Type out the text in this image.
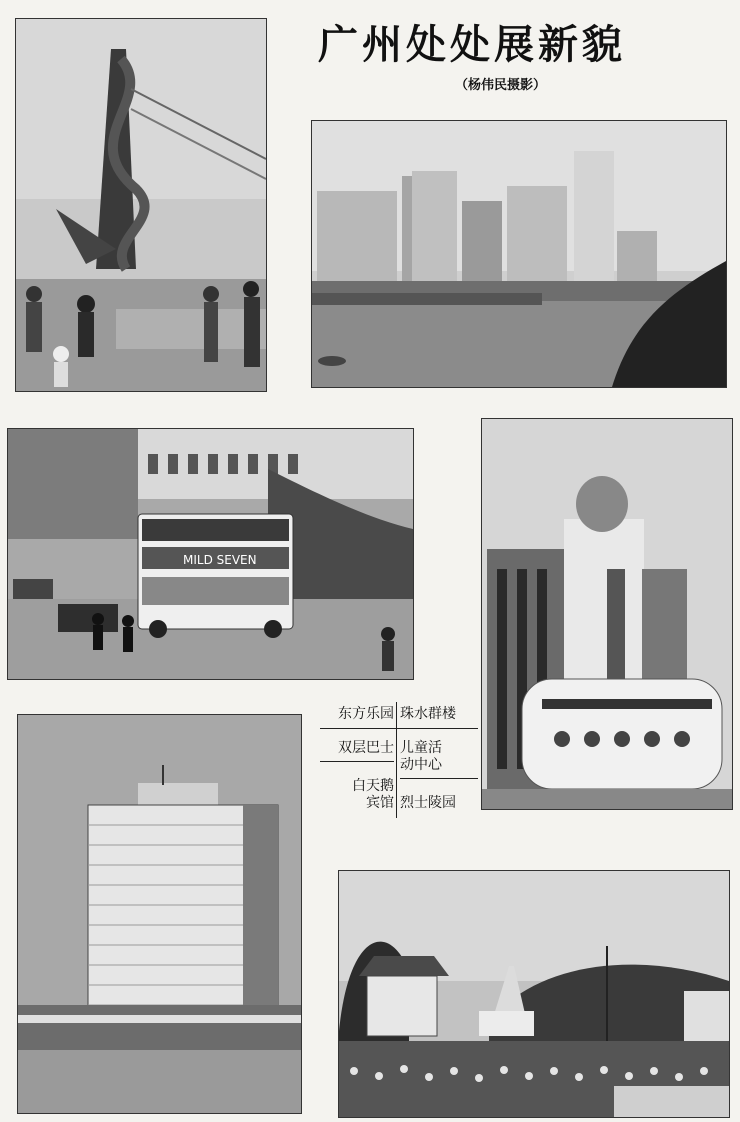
广州处处展新貌
（杨伟民摄影）
MILD SEVEN
东方乐园 珠水群楼
双层巴士 儿童活
动中心
白天鹅
宾馆 烈士陵园
